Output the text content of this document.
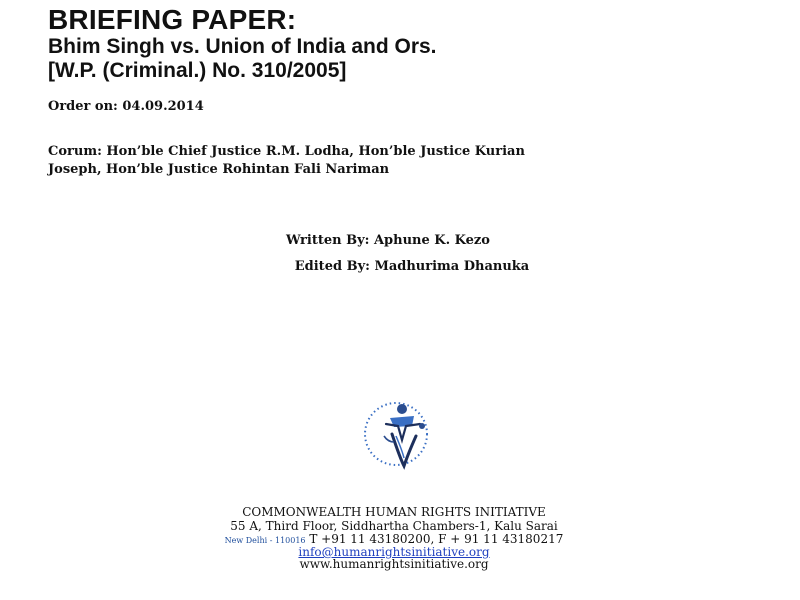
BRIEFING PAPER:
Bhim Singh vs. Union of India and Ors.
[W.P. (Criminal.) No. 310/2005]
Order on: 04.09.2014
Corum: Hon’ble Chief Justice R.M. Lodha, Hon’ble Justice Kurian
Joseph, Hon’ble Justice Rohintan Fali Nariman
Written By: Aphune K. Kezo
Edited By: Madhurima Dhanuka
COMMONWEALTH HUMAN RIGHTS INITIATIVE
55 A, Third Floor, Siddhartha Chambers-1, Kalu Sarai
New Delhi - 110016 T +91 11 43180200, F + 91 11 43180217
info@humanrightsinitiative.org
www.humanrightsinitiative.org
